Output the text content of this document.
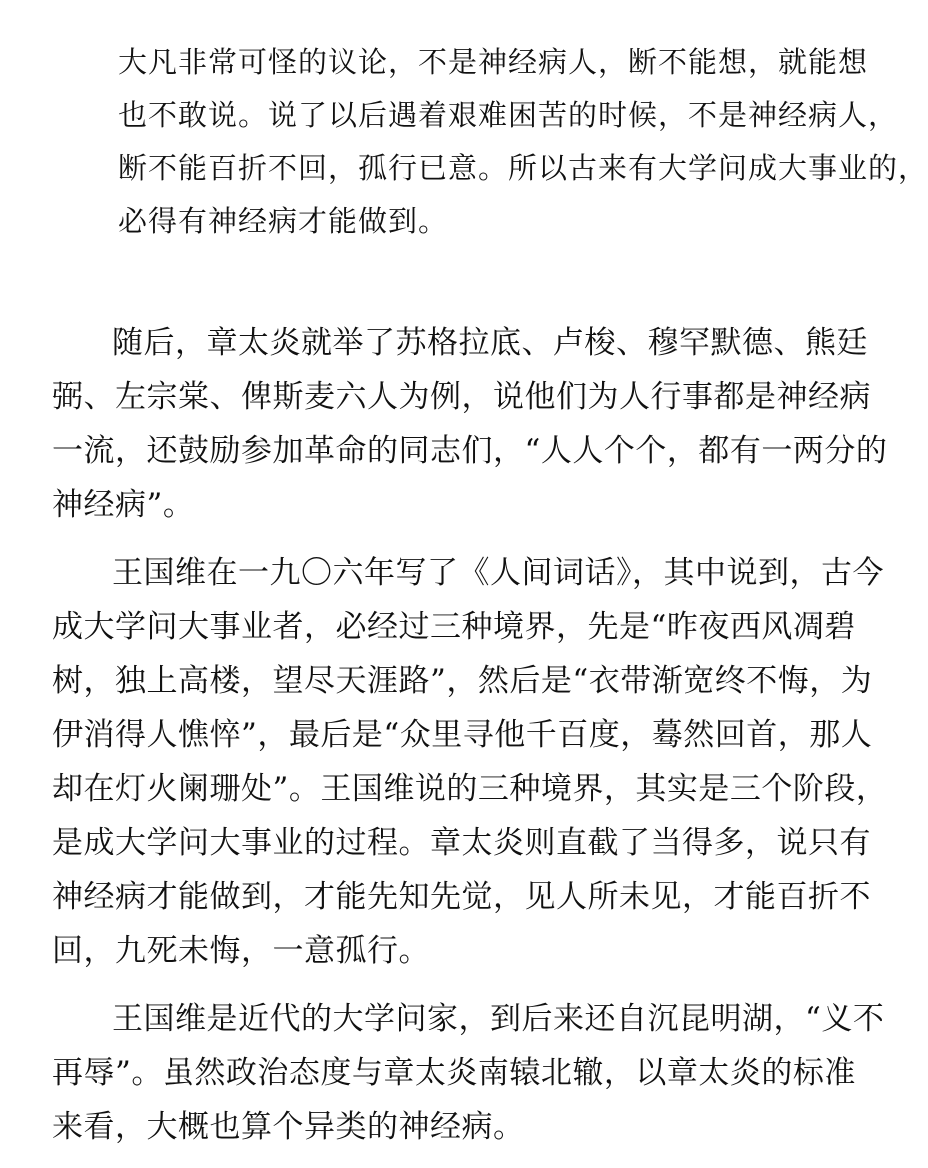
大凡非常可怪的议论，不是神经病人，断不能想，就能想
也不敢说。说了以后遇着艰难困苦的时候，不是神经病人，
断不能百折不回，孤行已意。所以古来有大学问成大事业的，
必得有神经病才能做到。
随后，章太炎就举了苏格拉底、卢梭、穆罕默德、熊廷
弼、左宗棠、俾斯麦六人为例，说他们为人行事都是神经病
一流，还鼓励参加革命的同志们，“人人个个，都有一两分的
神经病”。
王国维在一九〇六年写了《人间词话》，其中说到，古今
成大学问大事业者，必经过三种境界，先是“昨夜西风凋碧
树，独上高楼，望尽天涯路”，然后是“衣带渐宽终不悔，为
伊消得人憔悴”，最后是“众里寻他千百度，蓦然回首，那人
却在灯火阑珊处”。王国维说的三种境界，其实是三个阶段，
是成大学问大事业的过程。章太炎则直截了当得多，说只有
神经病才能做到，才能先知先觉，见人所未见，才能百折不
回，九死未悔，一意孤行。
王国维是近代的大学问家，到后来还自沉昆明湖，“义不
再辱”。虽然政治态度与章太炎南辕北辙，以章太炎的标准
来看，大概也算个异类的神经病。
